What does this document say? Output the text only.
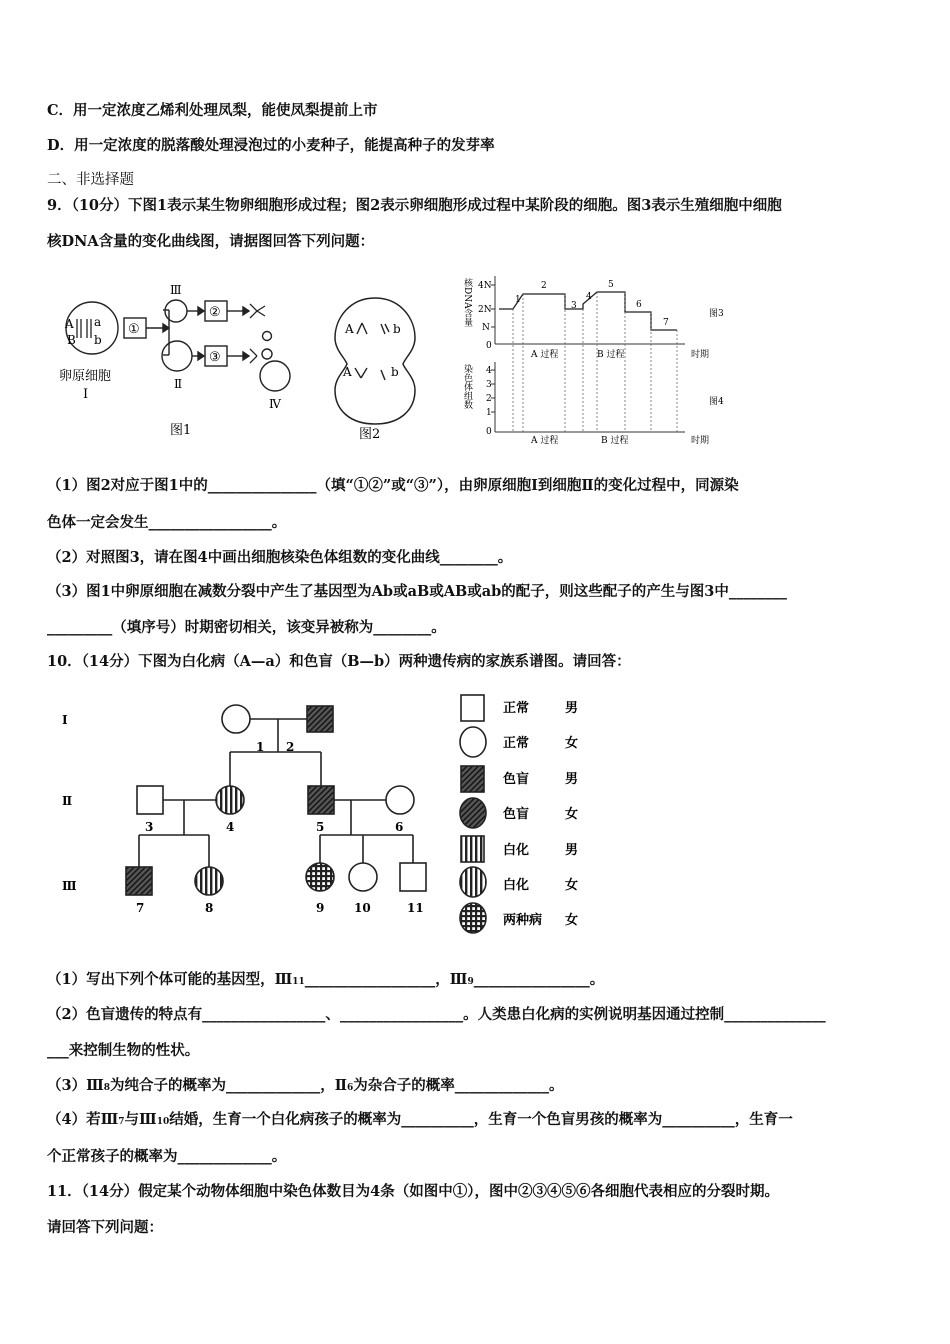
C．用一定浓度乙烯利处理凤梨，能使凤梨提前上市
D．用一定浓度的脱落酸处理浸泡过的小麦种子，能提高种子的发芽率
二、非选择题
9．（10分）下图1表示某生物卵细胞形成过程；图2表示卵细胞形成过程中某阶段的细胞。图3表示生殖细胞中细胞
核DNA含量的变化曲线图，请据图回答下列问题：
A a
B b
①
②
③
Ⅲ
Ⅱ
Ⅳ
卵原细胞
Ⅰ
图1
A	b
A	b
图2
核DNA含量 4N
2N
N
0
1
2
3
4
5
6
7
A 过程	B 过程	时期
图3
染色体组数 4
3
2
1
0
A 过程	B 过程	时期
图4
（1）图2对应于图1中的_______________（填“①②”或“③”），由卵原细胞Ⅰ到细胞Ⅱ的变化过程中，同源染
色体一定会发生_________________。
（2）对照图3，请在图4中画出细胞核染色体组数的变化曲线________。
（3）图1中卵原细胞在减数分裂中产生了基因型为Ab或aB或AB或ab的配子，则这些配子的产生与图3中________
_________（填序号）时期密切相关，该变异被称为________。
10．（14分）下图为白化病（A—a）和色盲（B—b）两种遗传病的家族系谱图。请回答：
Ⅰ
Ⅱ
Ⅲ
1 2
3	4	5	6
7	8	9 10	11
正常	男
正常	女
色盲	男
色盲	女
白化	男
白化	女
两种病 女
（1）写出下列个体可能的基因型，Ⅲ11__________________，Ⅲ9________________。
（2）色盲遗传的特点有_________________、_________________。人类患白化病的实例说明基因通过控制______________
___来控制生物的性状。
（3）Ⅲ8为纯合子的概率为_____________，Ⅱ6为杂合子的概率_____________。
（4）若Ⅲ7与Ⅲ10结婚，生育一个白化病孩子的概率为__________，生育一个色盲男孩的概率为__________，生育一
个正常孩子的概率为_____________。
11．（14分）假定某个动物体细胞中染色体数目为4条（如图中①），图中②③④⑤⑥各细胞代表相应的分裂时期。
请回答下列问题：
